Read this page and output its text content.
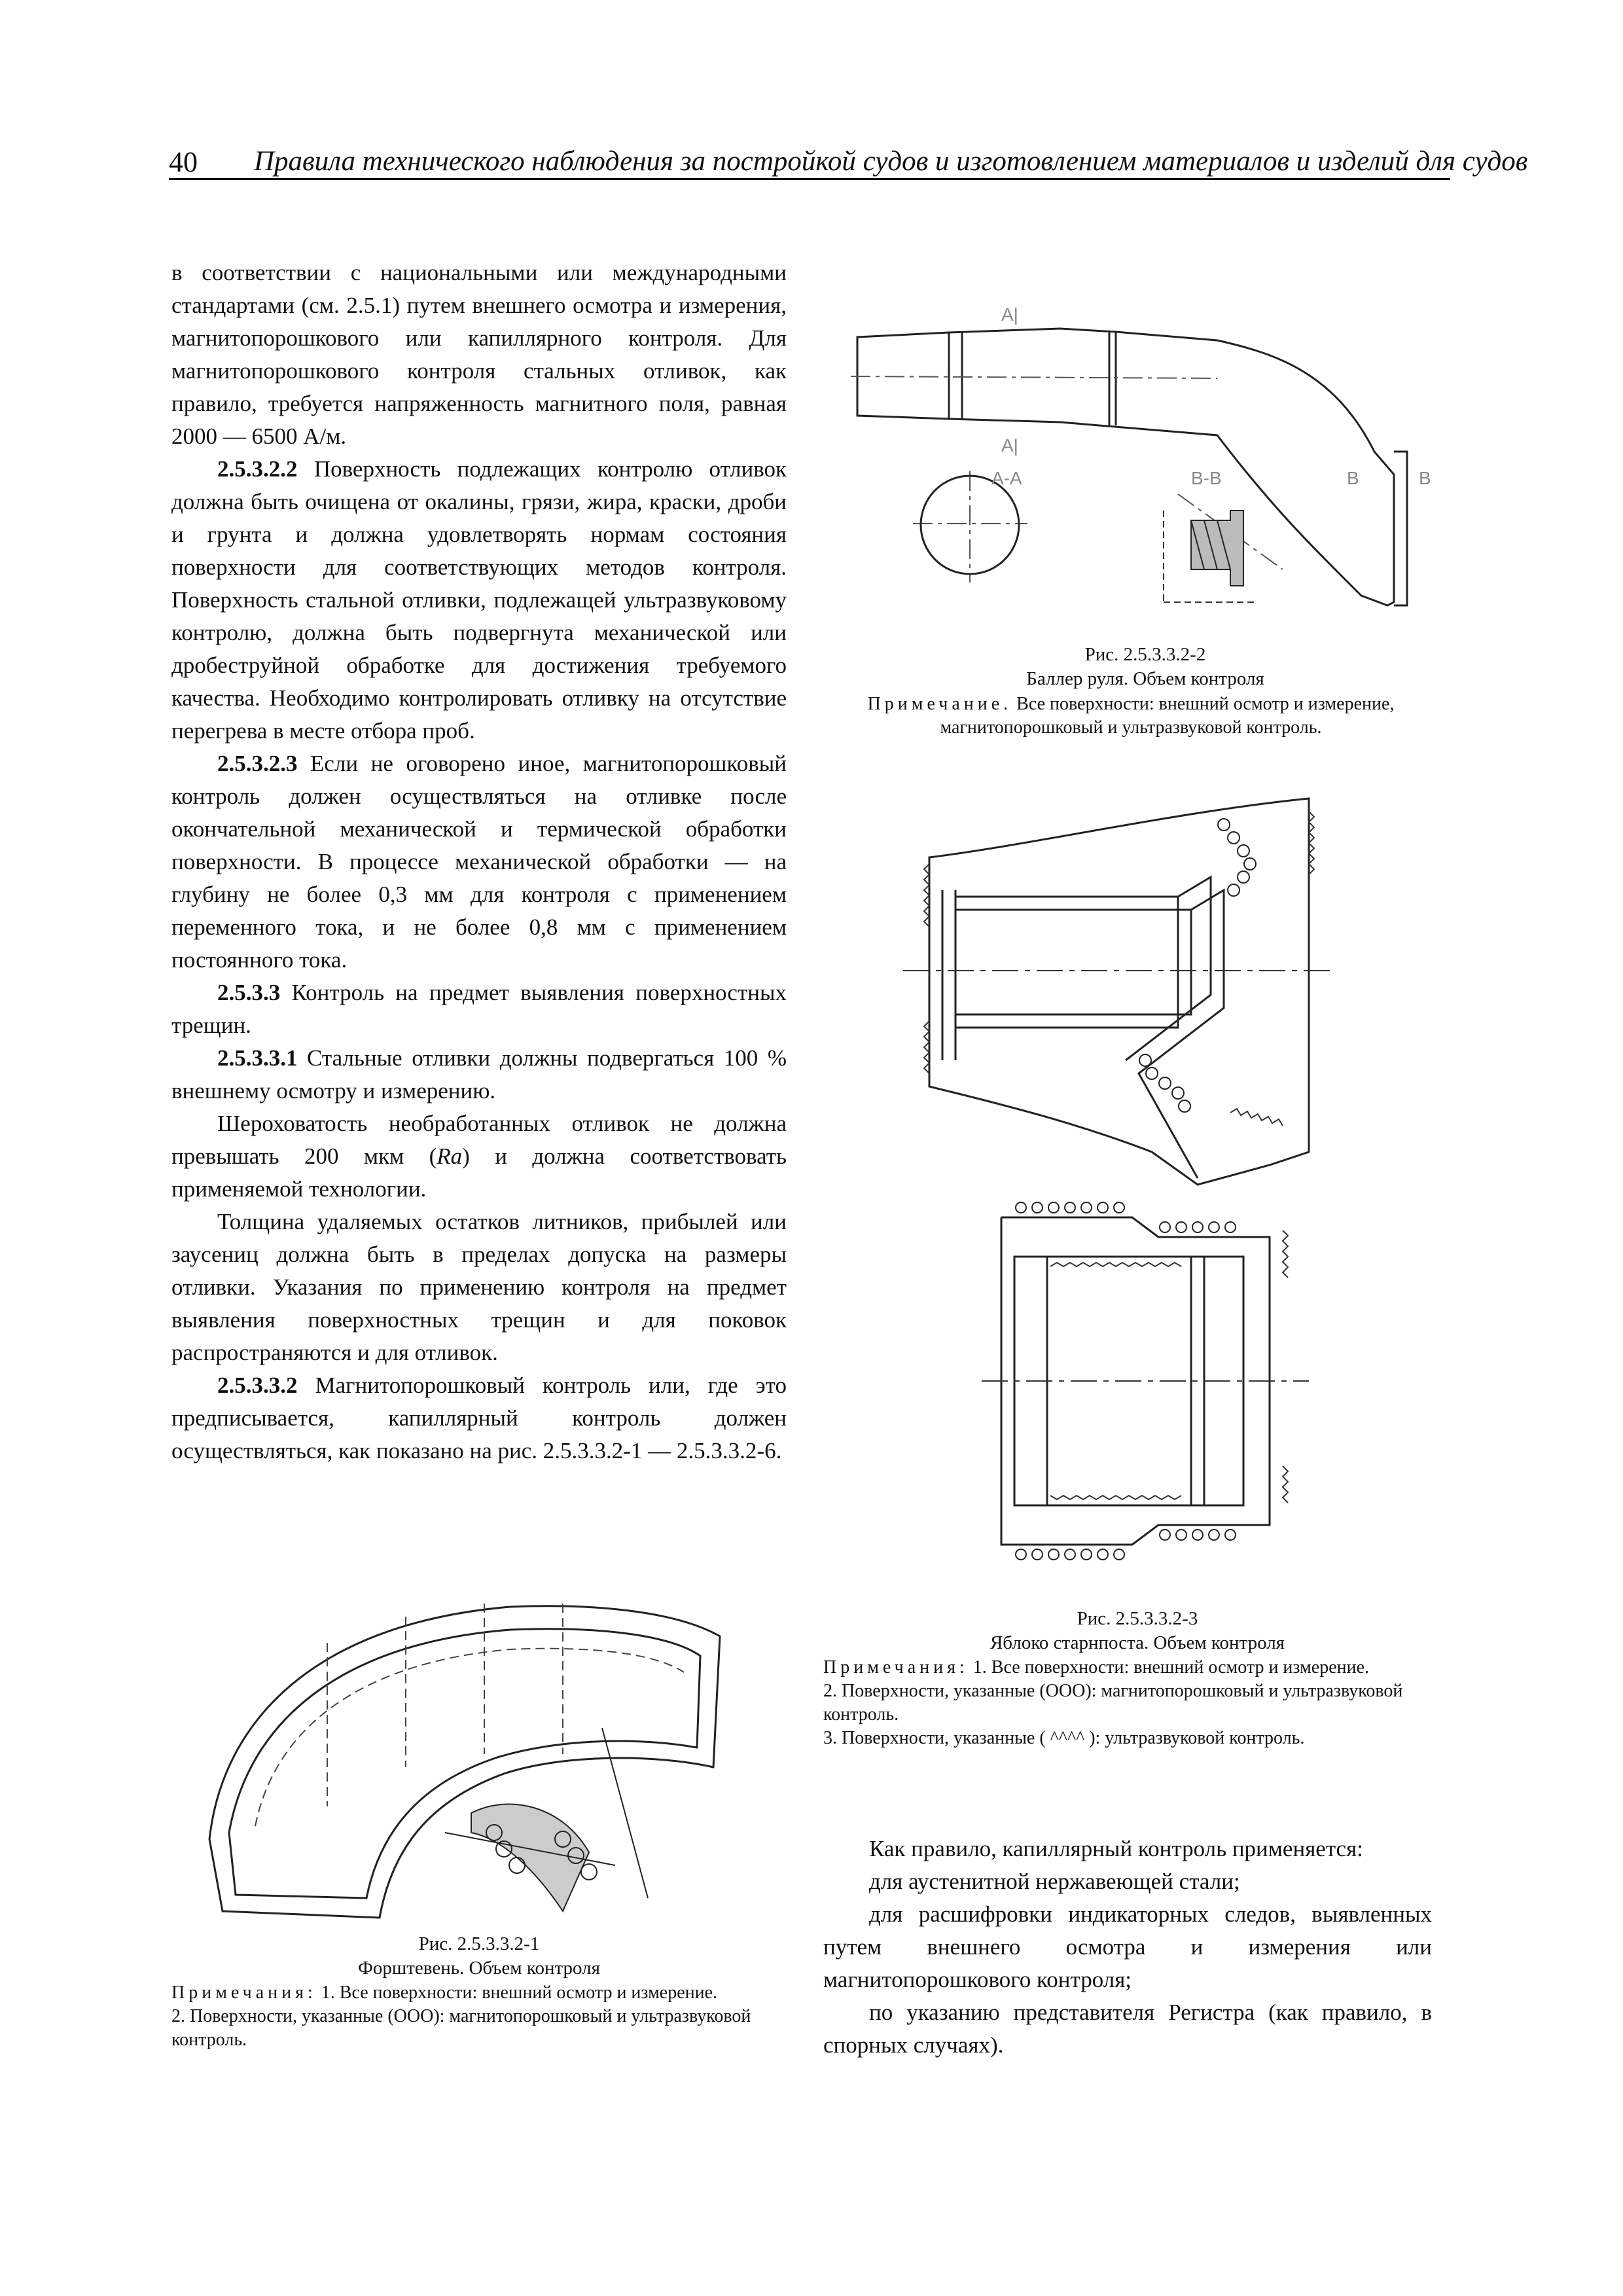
40 Правила технического наблюдения за постройкой судов и изготовлением материалов и изделий для судов

в соответствии с национальными или международными стандартами (см. 2.5.1) путем внешнего осмотра и измерения, магнитопорошкового или капиллярного контроля. Для магнитопорошкового контроля стальных отливок, как правило, требуется напряженность магнитного поля, равная 2000 — 6500 А/м.

2.5.3.2.2 Поверхность подлежащих контролю отливок должна быть очищена от окалины, грязи, жира, краски, дроби и грунта и должна удовлетворять нормам состояния поверхности для соответствующих методов контроля. Поверхность стальной отливки, подлежащей ультразвуковому контролю, должна быть подвергнута механической или дробеструйной обработке для достижения требуемого качества. Необходимо контролировать отливку на отсутствие перегрева в месте отбора проб.

2.5.3.2.3 Если не оговорено иное, магнитопорошковый контроль должен осуществляться на отливке после окончательной механической и термической обработки поверхности. В процессе механической обработки — на глубину не более 0,3 мм для контроля с применением переменного тока, и не более 0,8 мм с применением постоянного тока.

2.5.3.3 Контроль на предмет выявления поверхностных трещин.

2.5.3.3.1 Стальные отливки должны подвергаться 100 % внешнему осмотру и измерению.

Шероховатость необработанных отливок не должна превышать 200 мкм (Ra) и должна соответствовать применяемой технологии.

Толщина удаляемых остатков литников, прибылей или заусениц должна быть в пределах допуска на размеры отливки. Указания по применению контроля на предмет выявления поверхностных трещин и для поковок распространяются и для отливок.

2.5.3.3.2 Магнитопорошковый контроль или, где это предписывается, капиллярный контроль должен осуществляться, как показано на рис. 2.5.3.3.2-1 — 2.5.3.3.2-6.

A|
A|
A-A	B-B	B	B
Рис. 2.5.3.3.2-2
Баллер руля. Объем контроля
Примечание. Все поверхности: внешний осмотр и измерение, магнитопорошковый и ультразвуковой контроль.
Рис. 2.5.3.3.2-3
Яблоко старнпоста. Объем контроля
Примечания: 1. Все поверхности: внешний осмотр и измерение.
2. Поверхности, указанные (ООО): магнитопорошковый и ультразвуковой контроль.
3. Поверхности, указанные ( ^^^^ ): ультразвуковой контроль.
Рис. 2.5.3.3.2-1
Форштевень. Объем контроля
Примечания: 1. Все поверхности: внешний осмотр и измерение.
2. Поверхности, указанные (ООО): магнитопорошковый и ультразвуковой контроль.

Как правило, капиллярный контроль применяется:

для аустенитной нержавеющей стали;

для расшифровки индикаторных следов, выявленных путем внешнего осмотра и измерения или магнитопорошкового контроля;

по указанию представителя Регистра (как правило, в спорных случаях).
